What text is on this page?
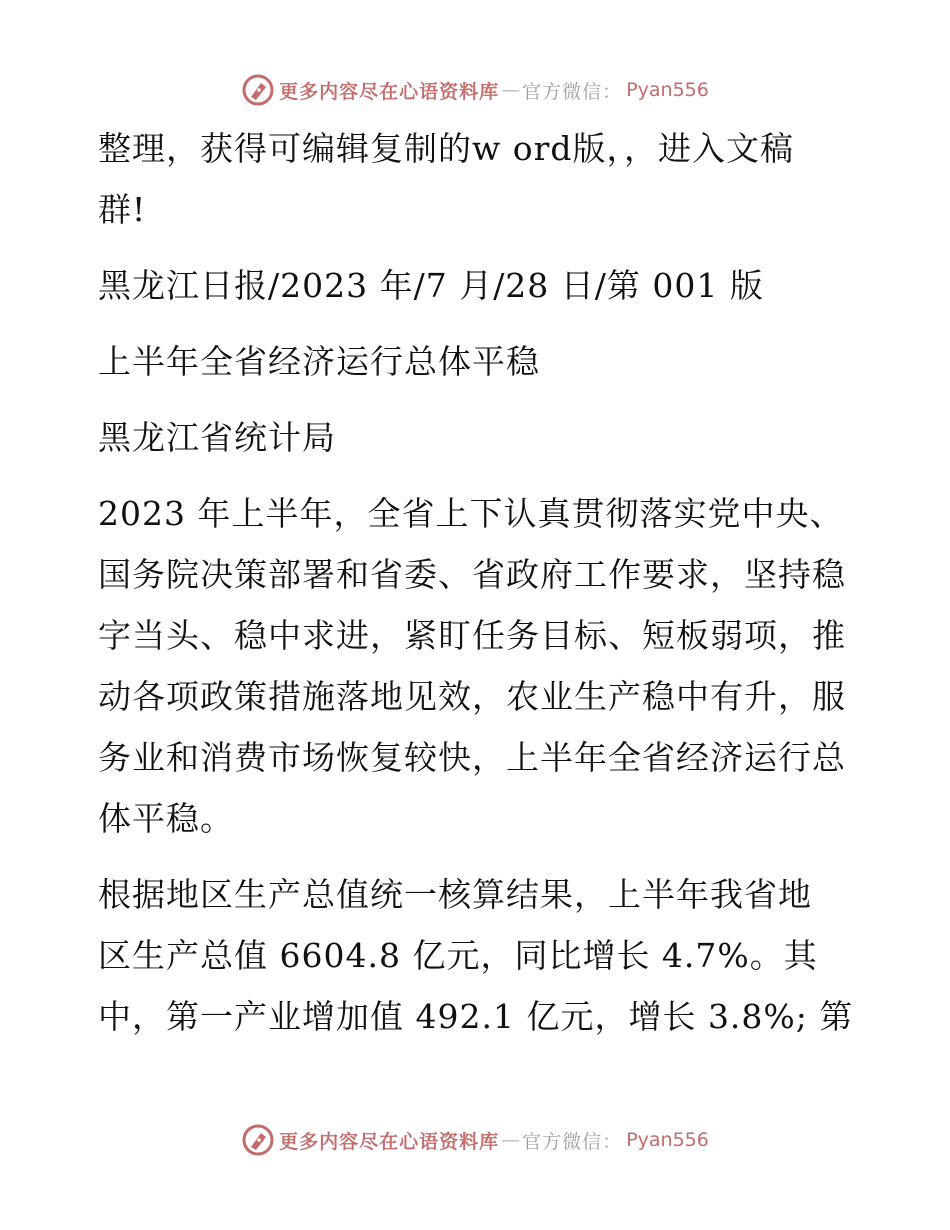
更多内容尽在心语资料库 — 官方微信： Pyan556

整理，获得可编辑复制的w ord版，，进入文稿
群!

黑龙江日报/2023 年/7 月/28 日/第 001 版

上半年全省经济运行总体平稳

黑龙江省统计局

2023 年上半年，全省上下认真贯彻落实党中央、
国务院决策部署和省委、省政府工作要求，坚持稳
字当头、稳中求进，紧盯任务目标、短板弱项，推
动各项政策措施落地见效，农业生产稳中有升，服
务业和消费市场恢复较快，上半年全省经济运行总
体平稳。

根据地区生产总值统一核算结果，上半年我省地
区生产总值 6604.8 亿元，同比增长 4.7%。其
中，第一产业增加值 492.1 亿元，增长 3.8%; 第

更多内容尽在心语资料库 — 官方微信： Pyan556
